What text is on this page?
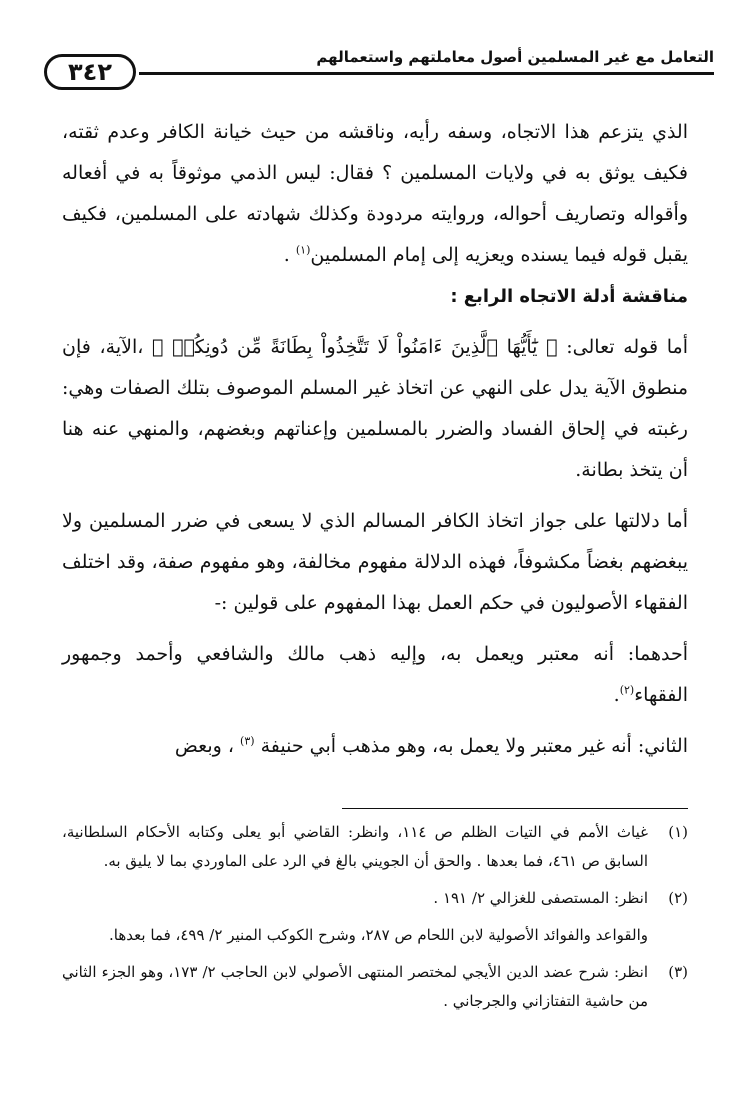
التعامل مع غير المسلمين أصول معاملتهم واستعمالهم
٣٤٢

الذي يتزعم هذا الاتجاه، وسفه رأيه، وناقشه من حيث خيانة الكافر وعدم ثقته، فكيف يوثق به في ولايات المسلمين ؟ فقال: ليس الذمي موثوقاً به في أفعاله وأقواله وتصاريف أحواله، وروايته مردودة وكذلك شهادته على المسلمين، فكيف يقبل قوله فيما يسنده ويعزيه إلى إمام المسلمين$^{(١)}$ .

مناقشة أدلة الاتجاه الرابع :

أما قوله تعالى: ﴿ يَٰٓأَيُّهَا ٱلَّذِينَ ءَامَنُواْ لَا تَتَّخِذُواْ بِطَانَةً مِّن دُونِكُمۡ ﴾ ،الآية، فإن منطوق الآية يدل على النهي عن اتخاذ غير المسلم الموصوف بتلك الصفات وهي: رغبته في إلحاق الفساد والضرر بالمسلمين وإعناتهم وبغضهم، والمنهي عنه هنا أن يتخذ بطانة.

أما دلالتها على جواز اتخاذ الكافر المسالم الذي لا يسعى في ضرر المسلمين ولا يبغضهم بغضاً مكشوفاً، فهذه الدلالة مفهوم مخالفة، وهو مفهوم صفة، وقد اختلف الفقهاء الأصوليون في حكم العمل بهذا المفهوم على قولين :-

أحدهما: أنه معتبر ويعمل به، وإليه ذهب مالك والشافعي وأحمد وجمهور الفقهاء$^{(٢)}$.

الثاني: أنه غير معتبر ولا يعمل به، وهو مذهب أبي حنيفة $^{(٣)}$ ، وبعض

(١)
غياث الأمم في التيات الظلم ص ١١٤، وانظر: القاضي أبو يعلى وكتابه الأحكام السلطانية، السابق ص ٤٦١، فما بعدها . والحق أن الجويني بالغ في الرد على الماوردي بما لا يليق به.
(٢)
انظر: المستصفى للغزالي ٢/ ١٩١ .
والقواعد والفوائد الأصولية لابن اللحام ص ٢٨٧، وشرح الكوكب المنير ٢/ ٤٩٩، فما بعدها.
(٣)
انظر: شرح عضد الدين الأيجي لمختصر المنتهى الأصولي لابن الحاجب ٢/ ١٧٣، وهو الجزء الثاني من حاشية التفتازاني والجرجاني .
